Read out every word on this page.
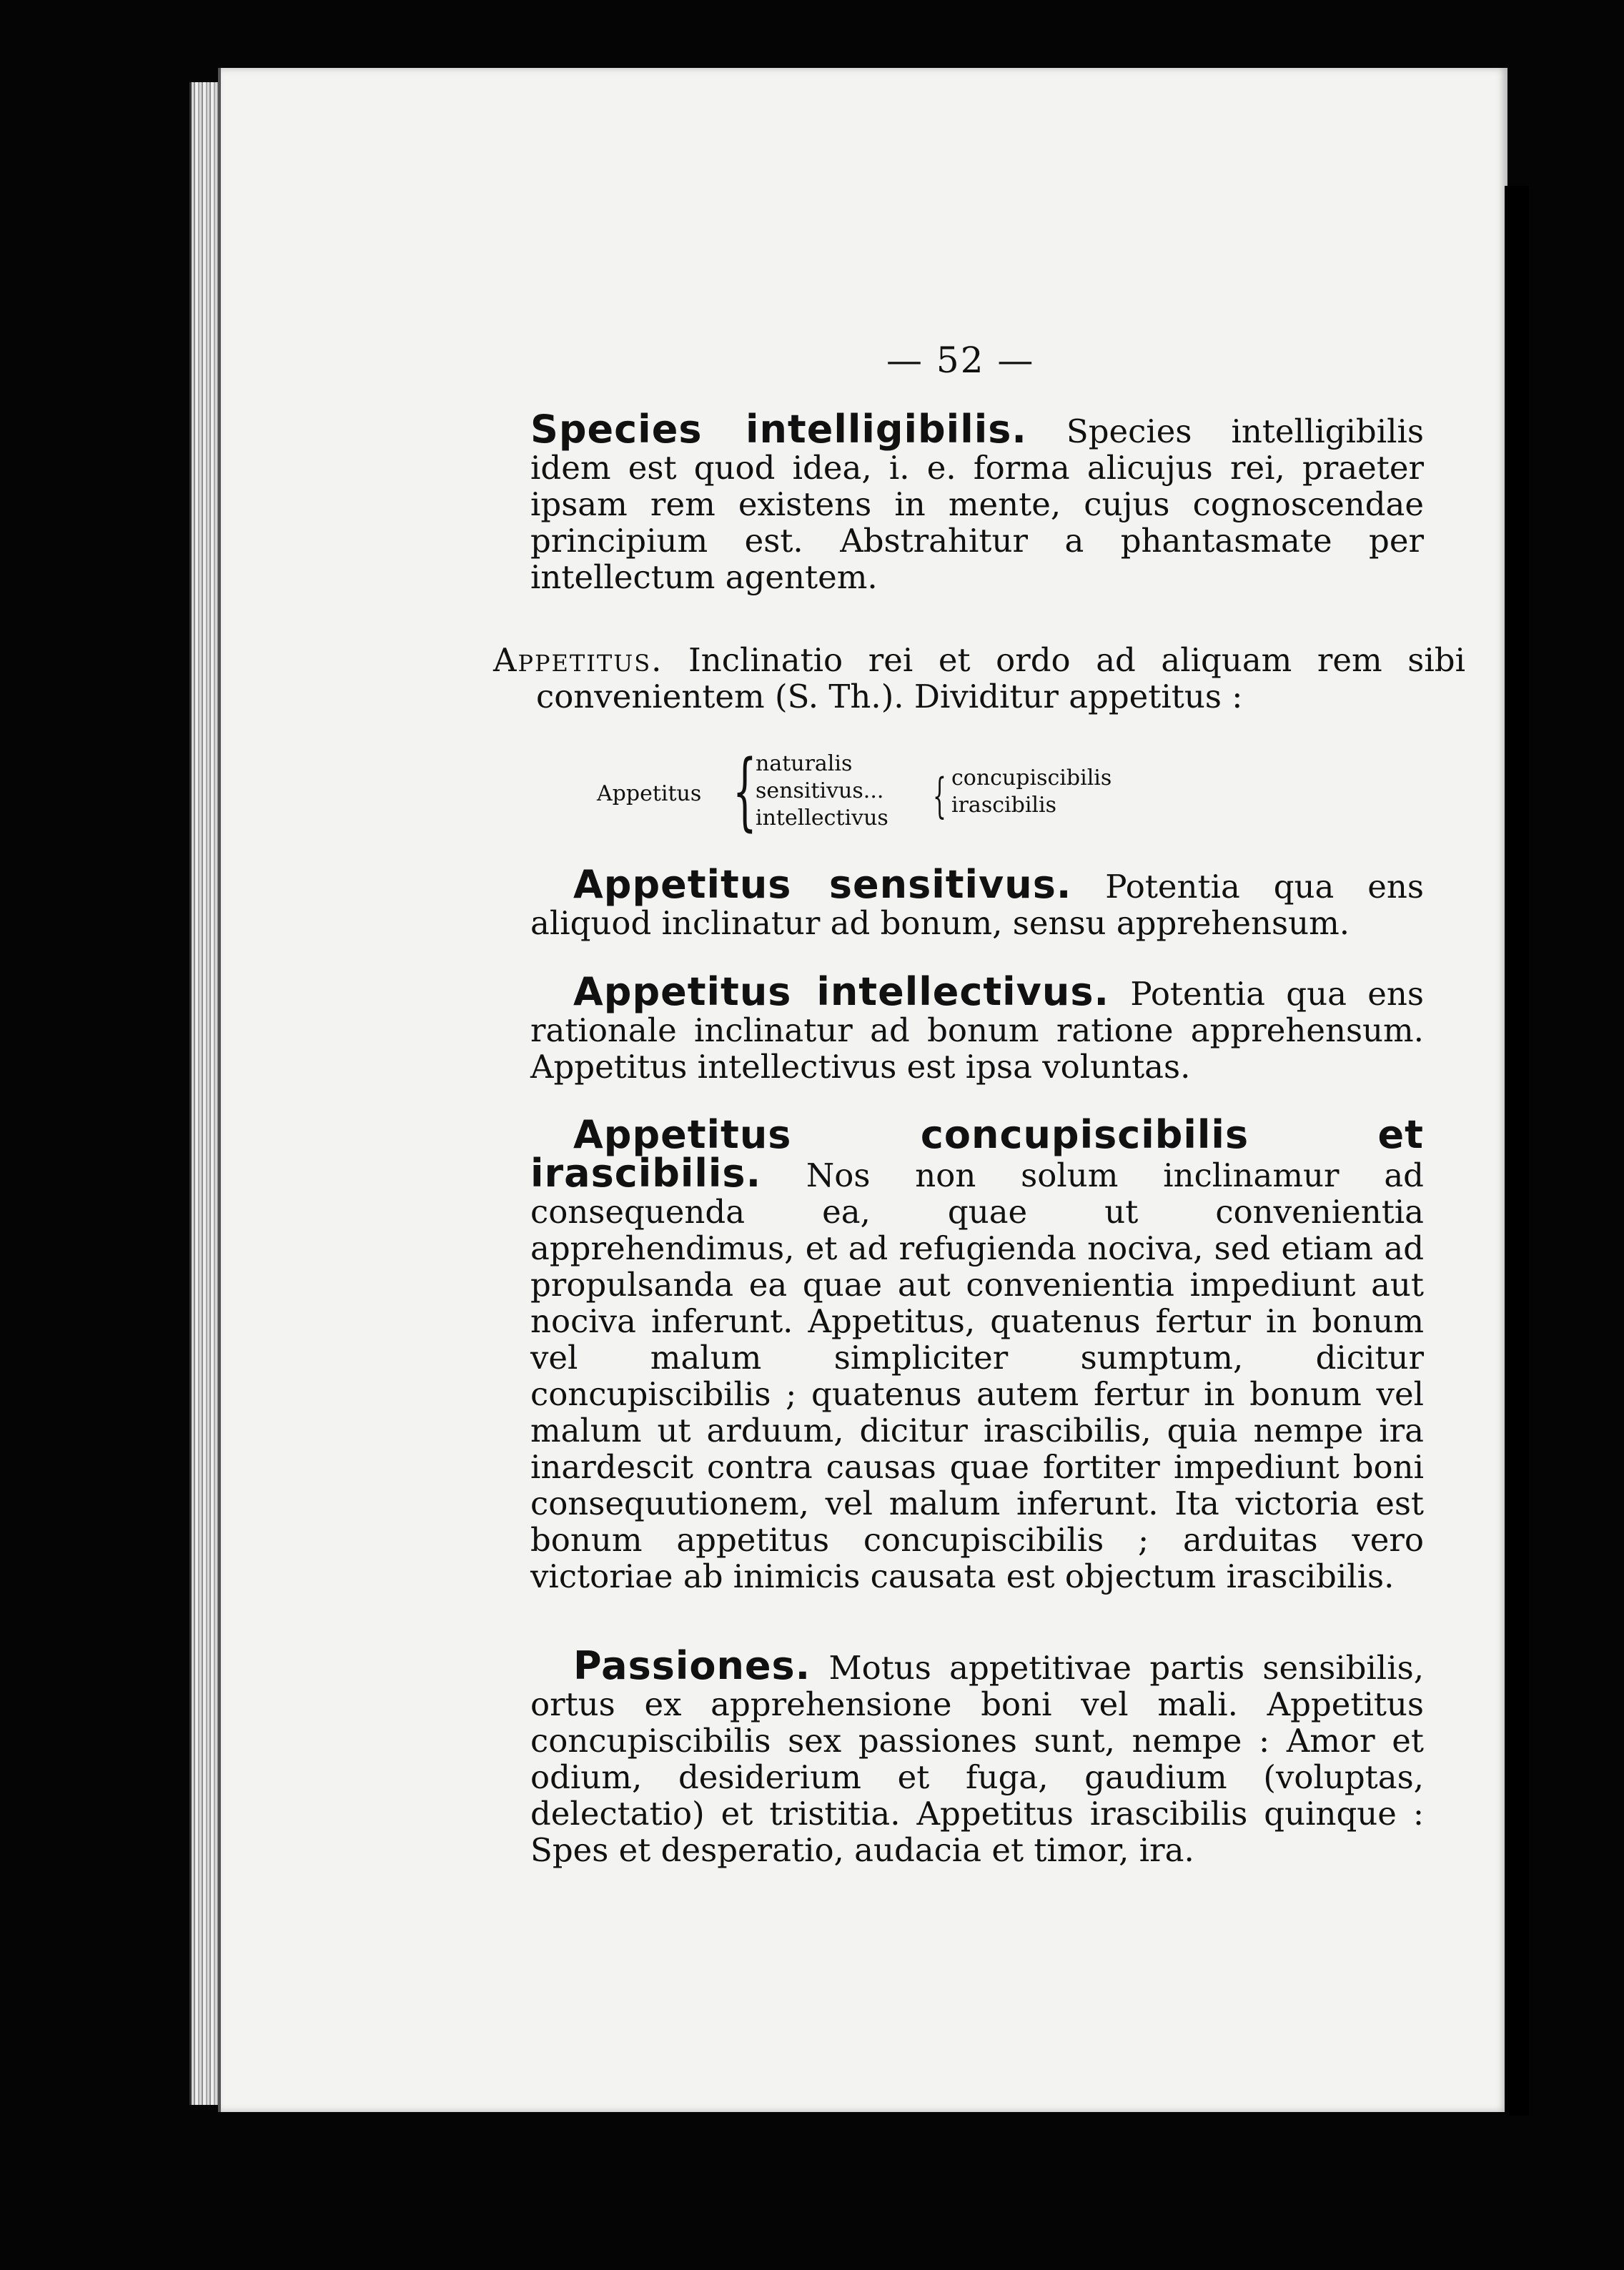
— 52 —
Species intelligibilis. Species intelligibilis idem est quod idea, i. e. forma alicujus rei, praeter ipsam rem existens in mente, cujus cognoscendae principium est. Abstrahitur a phantasmate per intellectum agentem.
Appetitus. Inclinatio rei et ordo ad aliquam rem sibi convenientem (S. Th.). Dividitur appetitus :
Appetitus {
naturalis
sensitivus...
intellectivus { concupiscibilis
irascibilis
Appetitus sensitivus. Potentia qua ens aliquod inclinatur ad bonum, sensu apprehensum.
Appetitus intellectivus. Potentia qua ens rationale inclinatur ad bonum ratione apprehensum. Appetitus intellectivus est ipsa voluntas.
Appetitus concupiscibilis et irascibilis. Nos non solum inclinamur ad consequenda ea, quae ut convenientia apprehendimus, et ad refugienda nociva, sed etiam ad propulsanda ea quae aut convenientia impediunt aut nociva inferunt. Appetitus, quatenus fertur in bonum vel malum simpliciter sumptum, dicitur concupiscibilis ; quatenus autem fertur in bonum vel malum ut arduum, dicitur irascibilis, quia nempe ira inardescit contra causas quae fortiter impediunt boni consequutionem, vel malum inferunt. Ita victoria est bonum appetitus concupiscibilis ; arduitas vero victoriae ab inimicis causata est objectum irascibilis.
Passiones. Motus appetitivae partis sensibilis, ortus ex apprehensione boni vel mali. Appetitus concupiscibilis sex passiones sunt, nempe : Amor et odium, desiderium et fuga, gaudium (voluptas, delectatio) et tristitia. Appetitus irascibilis quinque : Spes et desperatio, audacia et timor, ira.
